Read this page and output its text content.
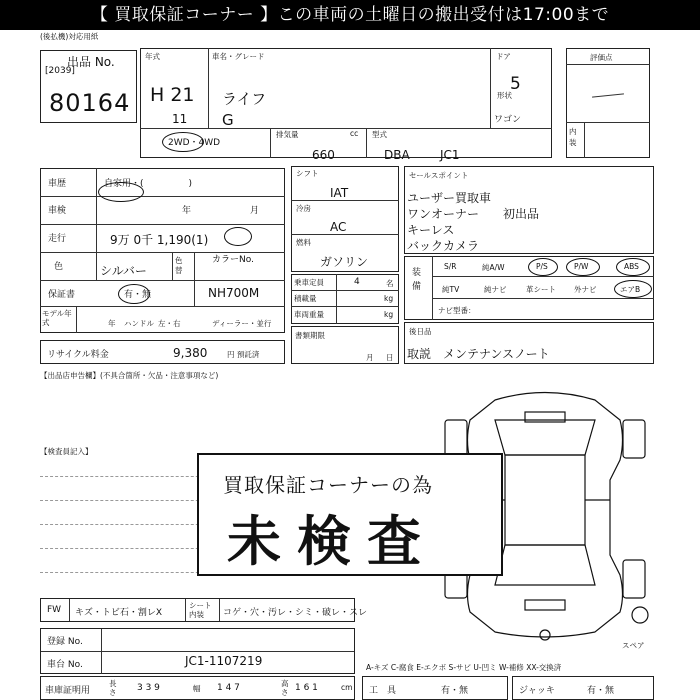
【 買取保証コーナー 】この車両の土曜日の搬出受付は17:00まで
(後払機)対応用紙
出品 No.
[2039]
80164
年式
H 21
11
2WD・4WD
車名・グレード
ライフ
G
排気量	cc
660
型式
DBA	JC1
ドア
5
形状
ワゴン
評価点
内装
車歴	自家用・(　　　　　)
車検	年	月
走行	9万 0千 1,190(1)
色	シルバー
色替
カラーNo.
NH700M
保証書	有・無
モデル年式	年 ハンドル 左・右	ディーラー・並行
リサイクル料金	9,380	円 預託済
【出品店申告欄】(不具合箇所・欠品・注意事項など)
シフト
IAT
冷房
AC
燃料
ガソリン
乗車定員	4	名
積載量	kg
車両重量	kg
書類期限
月 日
セールスポイント
ユーザー買取車
ワンオーナー　　初出品
キーレス
バックカメラ
装備
S/R	純A/W	P/S	P/W	ABS
純TV	純ナビ	革シート 外ナビ	エアB
ナビ型番：
後日品
取説　メンテナンスノート
【検査員記入】
スペア
買取保証コーナーの為
未検査
FW キズ・トビ石・割レX
シート内装	コゲ・穴・汚レ・シミ・破レ・スレ
登録 No.
車台 No.	JC1-1107219
車庫証明用
長さ 3 3 9	幅 1 4 7	高さ 1 6 1	cm
A-キズ C-腐食 E-エクボ S-サビ U-凹ミ W-補修 XX-交換済
工　具	有・無	ジャッキ	有・無
